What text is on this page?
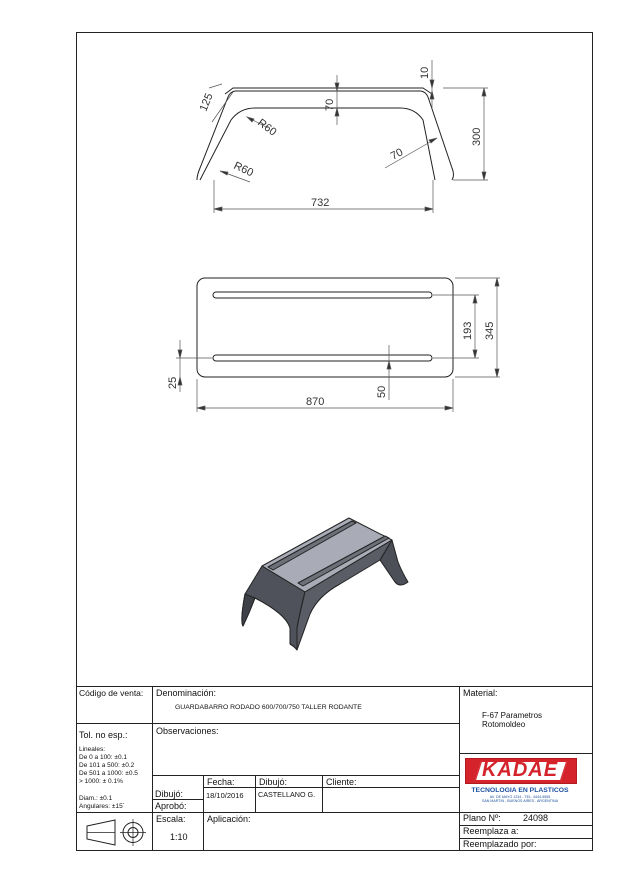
732
125
R60
R60
70
70
10
300
870
193 345
25
50
Código de venta: Denominación:
GUARDABARRO RODADO 600/700/750 TALLER RODANTE
Material:
F-67 Parametros
Rotomoldeo
Tol. no esp.:
Lineales:
De 0 a 100: ±0.1
De 101 a 500: ±0.2
De 501 a 1000: ±0.5
> 1000: ± 0.1%
Diam.: ±0.1
Angulares: ±15´
Observaciones:
Dibujó:
Aprobó:
Fecha:
18/10/2016
Dibujó:
CASTELLANO G.
Cliente:
Escala:
1:10
Aplicación:
KADAE
TECNOLOGIA EN PLASTICOS
AV. DE MAYO 1234 - TEL. 4444-5555
SAN MARTIN - BUENOS AIRES - ARGENTINA
Plano Nº: 24098
Reemplaza a:
Reemplazado por:
